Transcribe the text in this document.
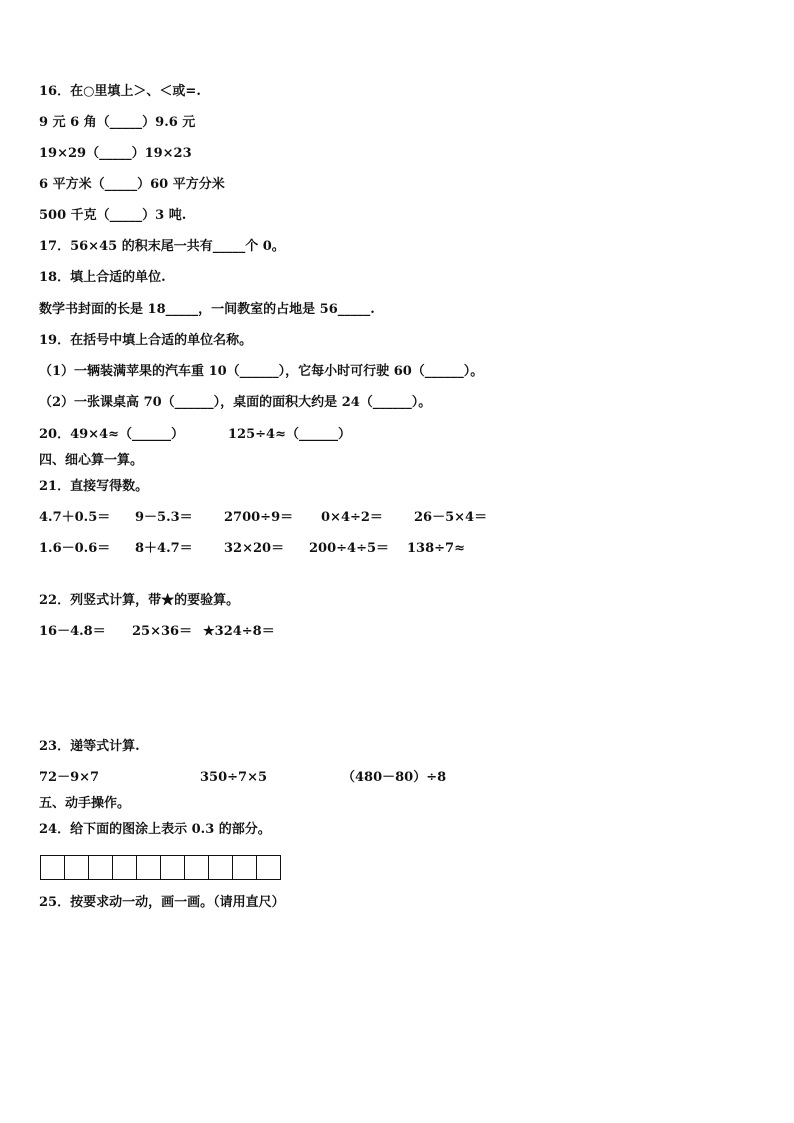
16．在○里填上＞、＜或=.
9 元 6 角（_____）9.6 元
19×29（_____）19×23
6 平方米（_____）60 平方分米
500 千克（_____）3 吨.
17．56×45 的积末尾一共有_____个 0。
18．填上合适的单位.
数学书封面的长是 18_____，一间教室的占地是 56_____.
19．在括号中填上合适的单位名称。
（1）一辆装满苹果的汽车重 10（______），它每小时可行驶 60（______）。
（2）一张课桌高 70（______），桌面的面积大约是 24（______）。
20．49×4≈（______）	125÷4≈（______）
四、细心算一算。
21．直接写得数。
4.7＋0.5＝ 9－5.3＝ 2700÷9＝ 0×4÷2＝ 26－5×4＝
1.6－0.6＝ 8＋4.7＝ 32×20＝ 200÷4÷5＝ 138÷7≈
22．列竖式计算，带★的要验算。
16－4.8＝ 25×36＝ ★324÷8＝
23．递等式计算.
72－9×7	350÷7×5	（480－80）÷8
五、动手操作。
24．给下面的图涂上表示 0.3 的部分。
25．按要求动一动，画一画。（请用直尺）
